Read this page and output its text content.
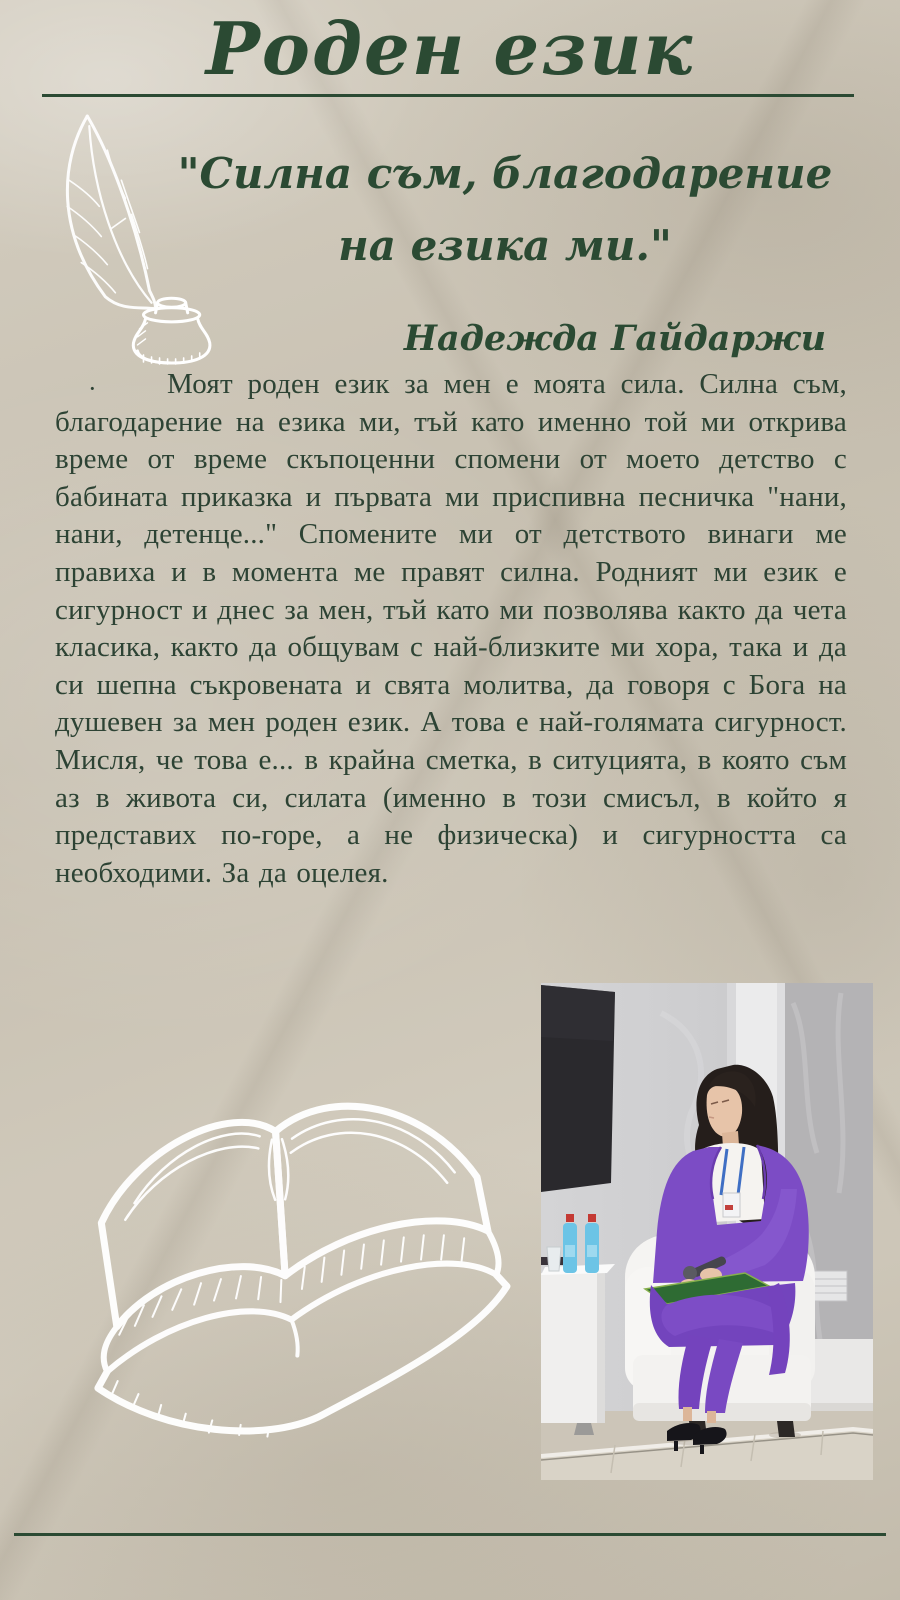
Роден език
"Силна съм, благодарение
на езика ми."
Надежда Гайдаржи
·	Моят роден език за мен е моята сила. Силна съм, благодарение на езика ми, тъй като именно той ми открива време от време скъпоценни спомени от моето детство с бабината приказка и първата ми приспивна песничка "нани, нани, детенце..." Спомените ми от детството винаги ме правиха и в момента ме правят силна. Родният ми език е сигурност и днес за мен, тъй като ми позволява както да чета класика, както да общувам с най-близките ми хора, така и да си шепна съкровената и свята молитва, да говоря с Бога на душевен за мен роден език. А това е най-голямата сигурност. Мисля, че това е... в крайна сметка, в ситуцията, в която съм аз в живота си, силата (именно в този смисъл, в който я представих по-горе, а не физическа) и сигурността са необходими. За да оцелея.
